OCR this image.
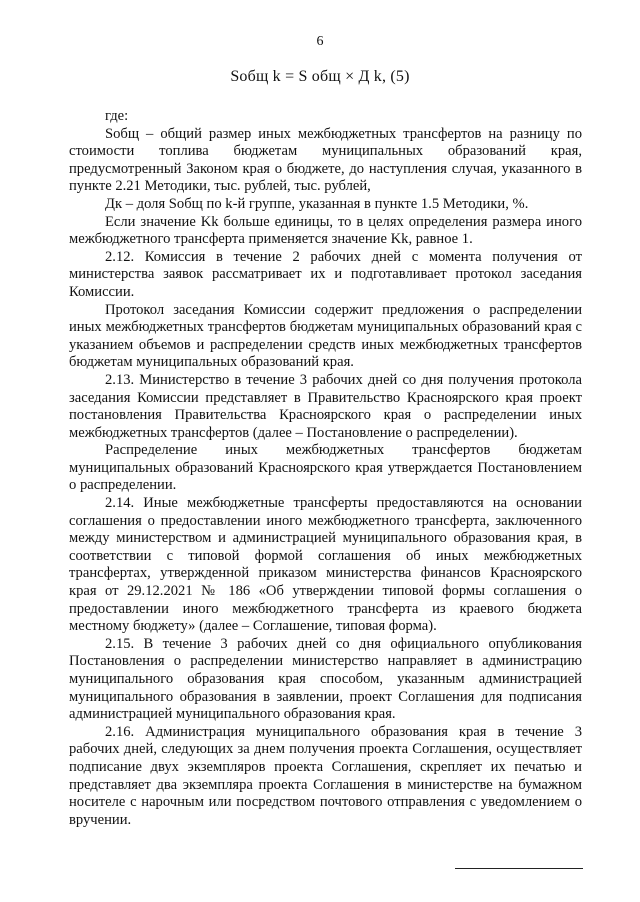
6
Sобщ k = S общ × Д k, (5)

где:

Sобщ – общий размер иных межбюджетных трансфертов на разницу по стоимости топлива бюджетам муниципальных образований края, предусмотренный Законом края о бюджете, до наступления случая, указанного в пункте 2.21 Методики, тыс. рублей, тыс. рублей,

Дк – доля Sобщ по k-й группе, указанная в пункте 1.5 Методики, %.

Если значение Kk больше единицы, то в целях определения размера иного межбюджетного трансферта применяется значение Kk, равное 1.

2.12. Комиссия в течение 2 рабочих дней с момента получения от министерства заявок рассматривает их и подготавливает протокол заседания Комиссии.

Протокол заседания Комиссии содержит предложения о распределении иных межбюджетных трансфертов бюджетам муниципальных образований края с указанием объемов и распределении средств иных межбюджетных трансфертов бюджетам муниципальных образований края.

2.13. Министерство в течение 3 рабочих дней со дня получения протокола заседания Комиссии представляет в Правительство Красноярского края проект постановления Правительства Красноярского края о распределении иных межбюджетных трансфертов (далее – Постановление о распределении).

Распределение иных межбюджетных трансфертов бюджетам муниципальных образований Красноярского края утверждается Постановлением о распределении.

2.14. Иные межбюджетные трансферты предоставляются на основании соглашения о предоставлении иного межбюджетного трансферта, заключенного между министерством и администрацией муниципального образования края, в соответствии с типовой формой соглашения об иных межбюджетных трансфертах, утвержденной приказом министерства финансов Красноярского края от 29.12.2021 № 186 «Об утверждении типовой формы соглашения о предоставлении иного межбюджетного трансферта из краевого бюджета местному бюджету» (далее – Соглашение, типовая форма).

2.15. В течение 3 рабочих дней со дня официального опубликования Постановления о распределении министерство направляет в администрацию муниципального образования края способом, указанным администрацией муниципального образования в заявлении, проект Соглашения для подписания администрацией муниципального образования края.

2.16. Администрация муниципального образования края в течение 3 рабочих дней, следующих за днем получения проекта Соглашения, осуществляет подписание двух экземпляров проекта Соглашения, скрепляет их печатью и представляет два экземпляра проекта Соглашения в министерстве на бумажном носителе с нарочным или посредством почтового отправления с уведомлением о вручении.
